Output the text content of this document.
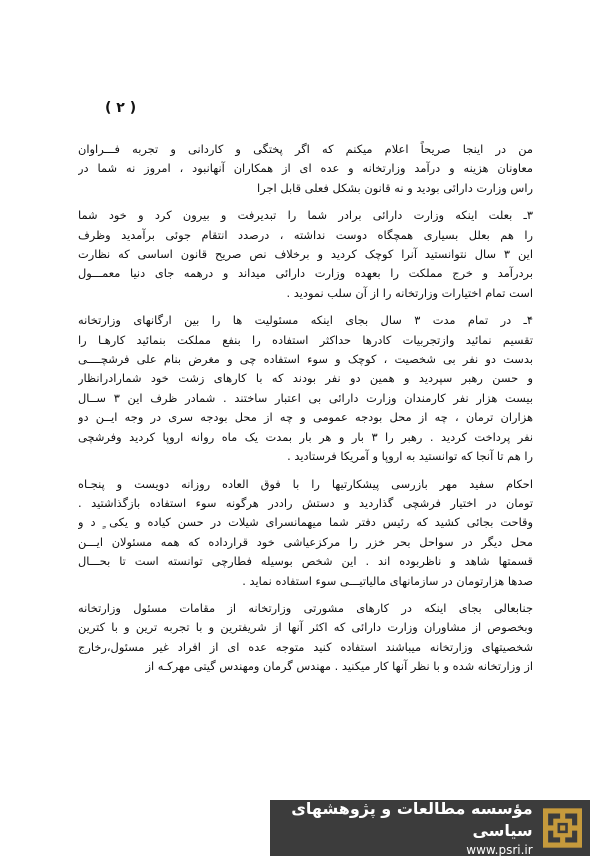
( ۲ )
من در اینجا صریحاً اعلام میکنم که اگر پختگی و کاردانی و تجربه فـــراوان
معاونان هزینه و درآمد وزارتخانه و عده ای از همکاران آنهانبود ، امروز نه شما در
راس وزارت دارائی بودید و نه قانون بشکل فعلی قابل اجرا
۳ـ بعلت اینکه وزارت دارائی برادر شما را تبدیرفت و بیرون کرد و خود شما
را هم بعلل بسیاری همچگاه دوست نداشته ، درصدد انتقام جوئی برآمدید وظرف
این ۳ سال نتوانستید آنرا کوچک کردید و برخلاف نص صریح قانون اساسی که نظارت
بردرآمد و خرج مملکت را بعهده وزارت دارائی میداند و درهمه جای دنیا معمـــول
است تمام اختیارات وزارتخانه را از آن سلب نمودید .
۴ـ در تمام مدت ۳ سال بجای اینکه مسئولیت ها را بین ارگانهای وزارتخانه
تقسیم نمائید وازتجربیات کادرها حداکثر استفاده را بنفع مملکت بنمائید کارهـا را
بدست دو نفر بی شخصیت ، کوچک و سوء استفاده چی و مغرض بنام علی فرشچــــی
و حسن رهبر سپردید و همین دو نفر بودند که با کارهای زشت خود شمارادرانظار
بیست هزار نفر کارمندان وزارت دارائی بی اعتبار ساختند . شمادر ظرف این ۳ ســال
هزاران ترمان ، چه از محل بودجه عمومی و چه از محل بودجه سری در وجه ایــن دو
نفر پرداخت کردید . رهبر را ۳ بار و هر بار بمدت یک ماه روانه اروپا کردید وفرشچی
را هم تا آنجا که توانستید به اروپا و آمریکا فرستادید .
احکام سفید مهر بازرسی پیشکارتیها را با فوق العاده روزانه دویست و پنجـاه
تومان در اختیار فرشچی گذاردید و دستش راددر هرگونه سوء استفاده بازگذاشتید .
وقاحت بجائی کشید که رئیس دفتر شما میهمانسرای شیلات در حسن کیاده و یکی ٍ د و
محل دیگر در سواحل بحر خزر را مرکزعیاشی خود قرارداده که همه مسئولان ایـــن
قسمتها شاهد و ناظربوده اند . این شخص بوسیله فطارچی توانسته است تا بحـــال
صدها هزارتومان در سازمانهای مالیاتیـــی سوء استفاده نماید .
جنابعالی بجای اینکه در کارهای مشورتی وزارتخانه از مقامات مسئول وزارتخانه
وبخصوص از مشاوران وزارت دارائی که اکثر آنها از شریفترین و با تجربه ترین و با کترین
شخصیتهای وزارتخانه میباشند استفاده کنید متوجه عده ای از افراد غیر مسئول،رخارج
از وزارتخانه شده و با نظر آنها کار میکنید . مهندس گرمان ومهندس گیتی مهرکـه از
مؤسسه مطالعات و پژوهشهای سیاسی
www.psri.ir
